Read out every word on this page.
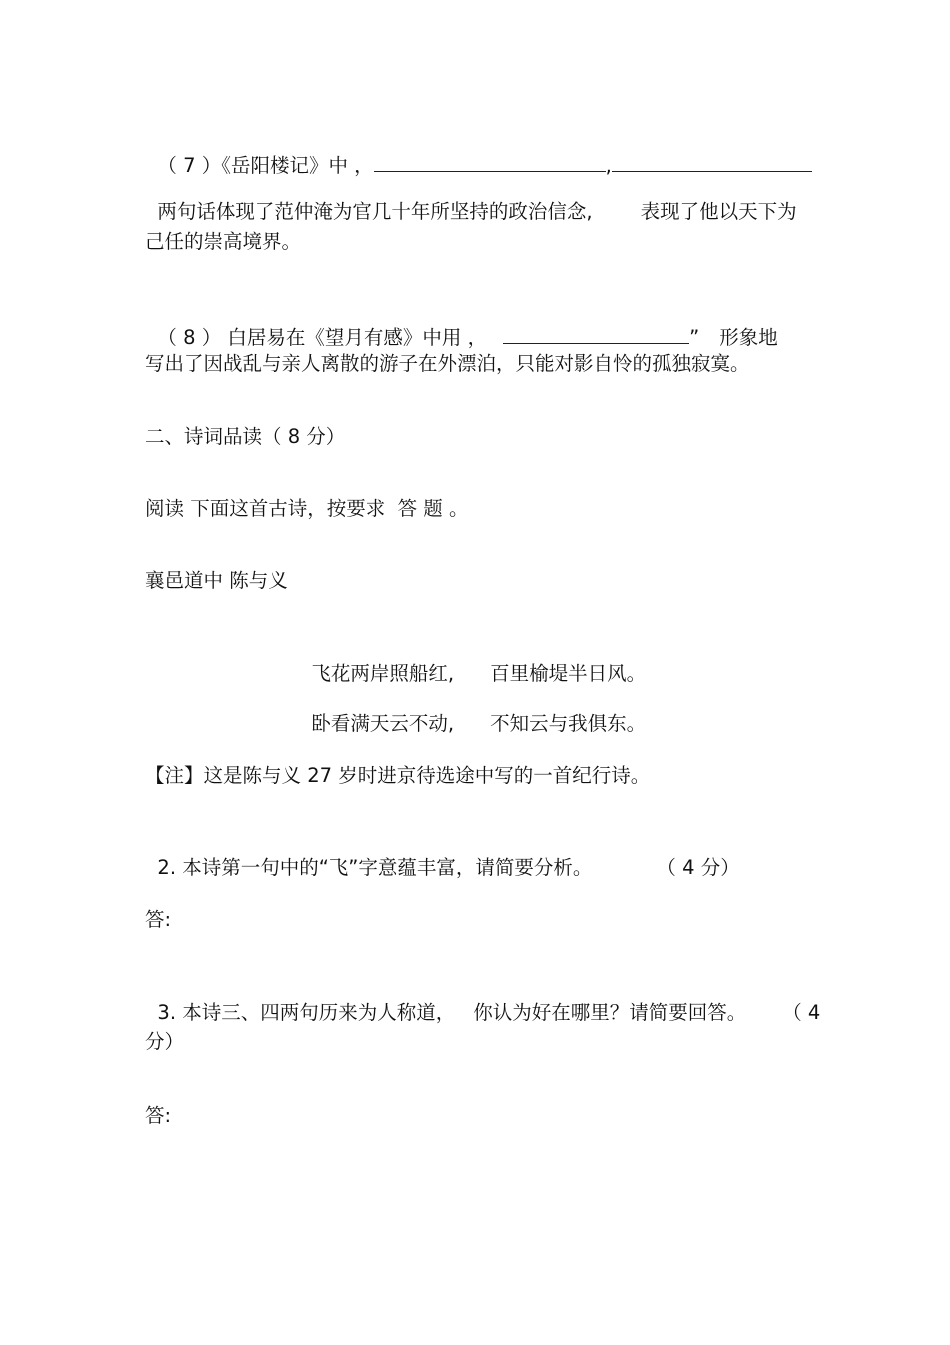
（ 7 ）《岳阳楼记》中 ，	,

两句话体现了范仲淹为官几十年所坚持的政治信念, 表现了他以天下为

己任的崇高境界。

（ 8 ） 白居易在《望月有感》中用 ，	” 形象地

写出了因战乱与亲人离散的游子在外漂泊，只能对影自怜的孤独寂寞。
二、诗词品读（ 8 分）
阅读 下面这首古诗，按要求  答 题 。
襄邑道中 陈与义

飞花两岸照船红, 百里榆堤半日风。

卧看满天云不动, 不知云与我俱东。

【注】这是陈与义 27 岁时进京待选途中写的一首纪行诗。

2. 本诗第一句中的“飞”字意蕴丰富，请简要分析。	（ 4 分）

答:

3. 本诗三、四两句历来为人称道， 你认为好在哪里？请简要回答。 （ 4

分）
答:
